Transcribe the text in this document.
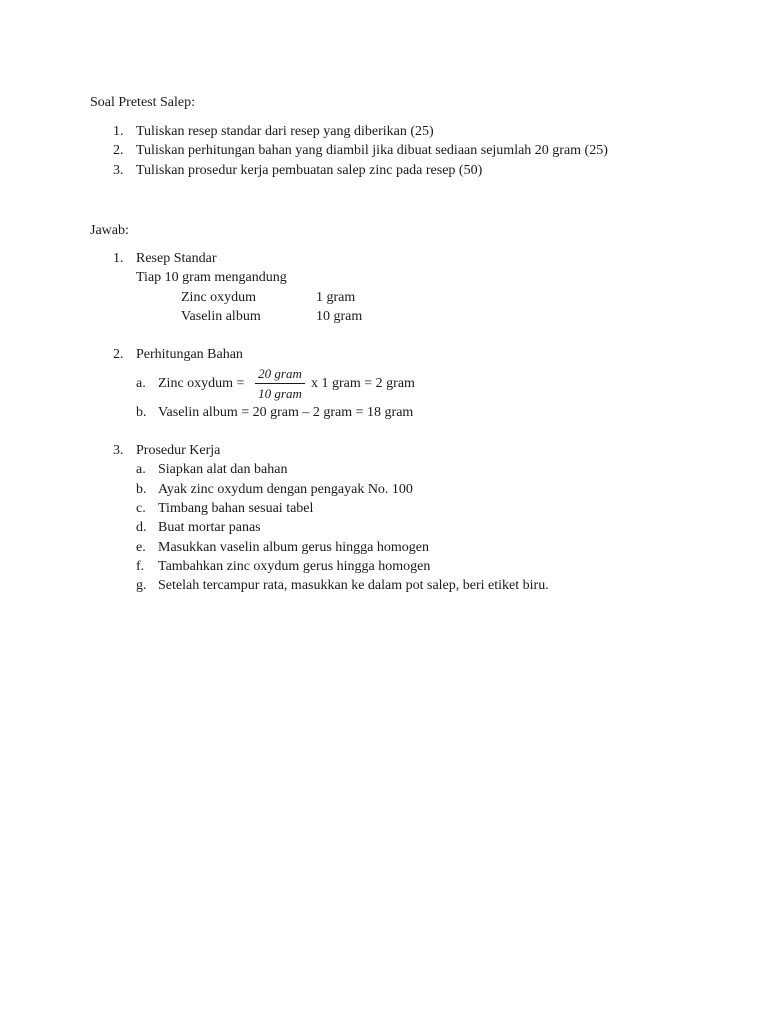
Soal Pretest Salep:
1. Tuliskan resep standar dari resep yang diberikan (25)
2. Tuliskan perhitungan bahan yang diambil jika dibuat sediaan sejumlah 20 gram (25)
3. Tuliskan prosedur kerja pembuatan salep zinc pada resep (50)
Jawab:
1. Resep Standar
Tiap 10 gram mengandung
Zinc oxydum	1 gram
Vaselin album	10 gram
2. Perhitungan Bahan
a. Zinc oxydum =
20 gram
10 gram
x 1 gram = 2 gram
b. Vaselin album = 20 gram – 2 gram = 18 gram
3. Prosedur Kerja
a. Siapkan alat dan bahan
b. Ayak zinc oxydum dengan pengayak No. 100
c. Timbang bahan sesuai tabel
d. Buat mortar panas
e. Masukkan vaselin album gerus hingga homogen
f. Tambahkan zinc oxydum gerus hingga homogen
g. Setelah tercampur rata, masukkan ke dalam pot salep, beri etiket biru.
